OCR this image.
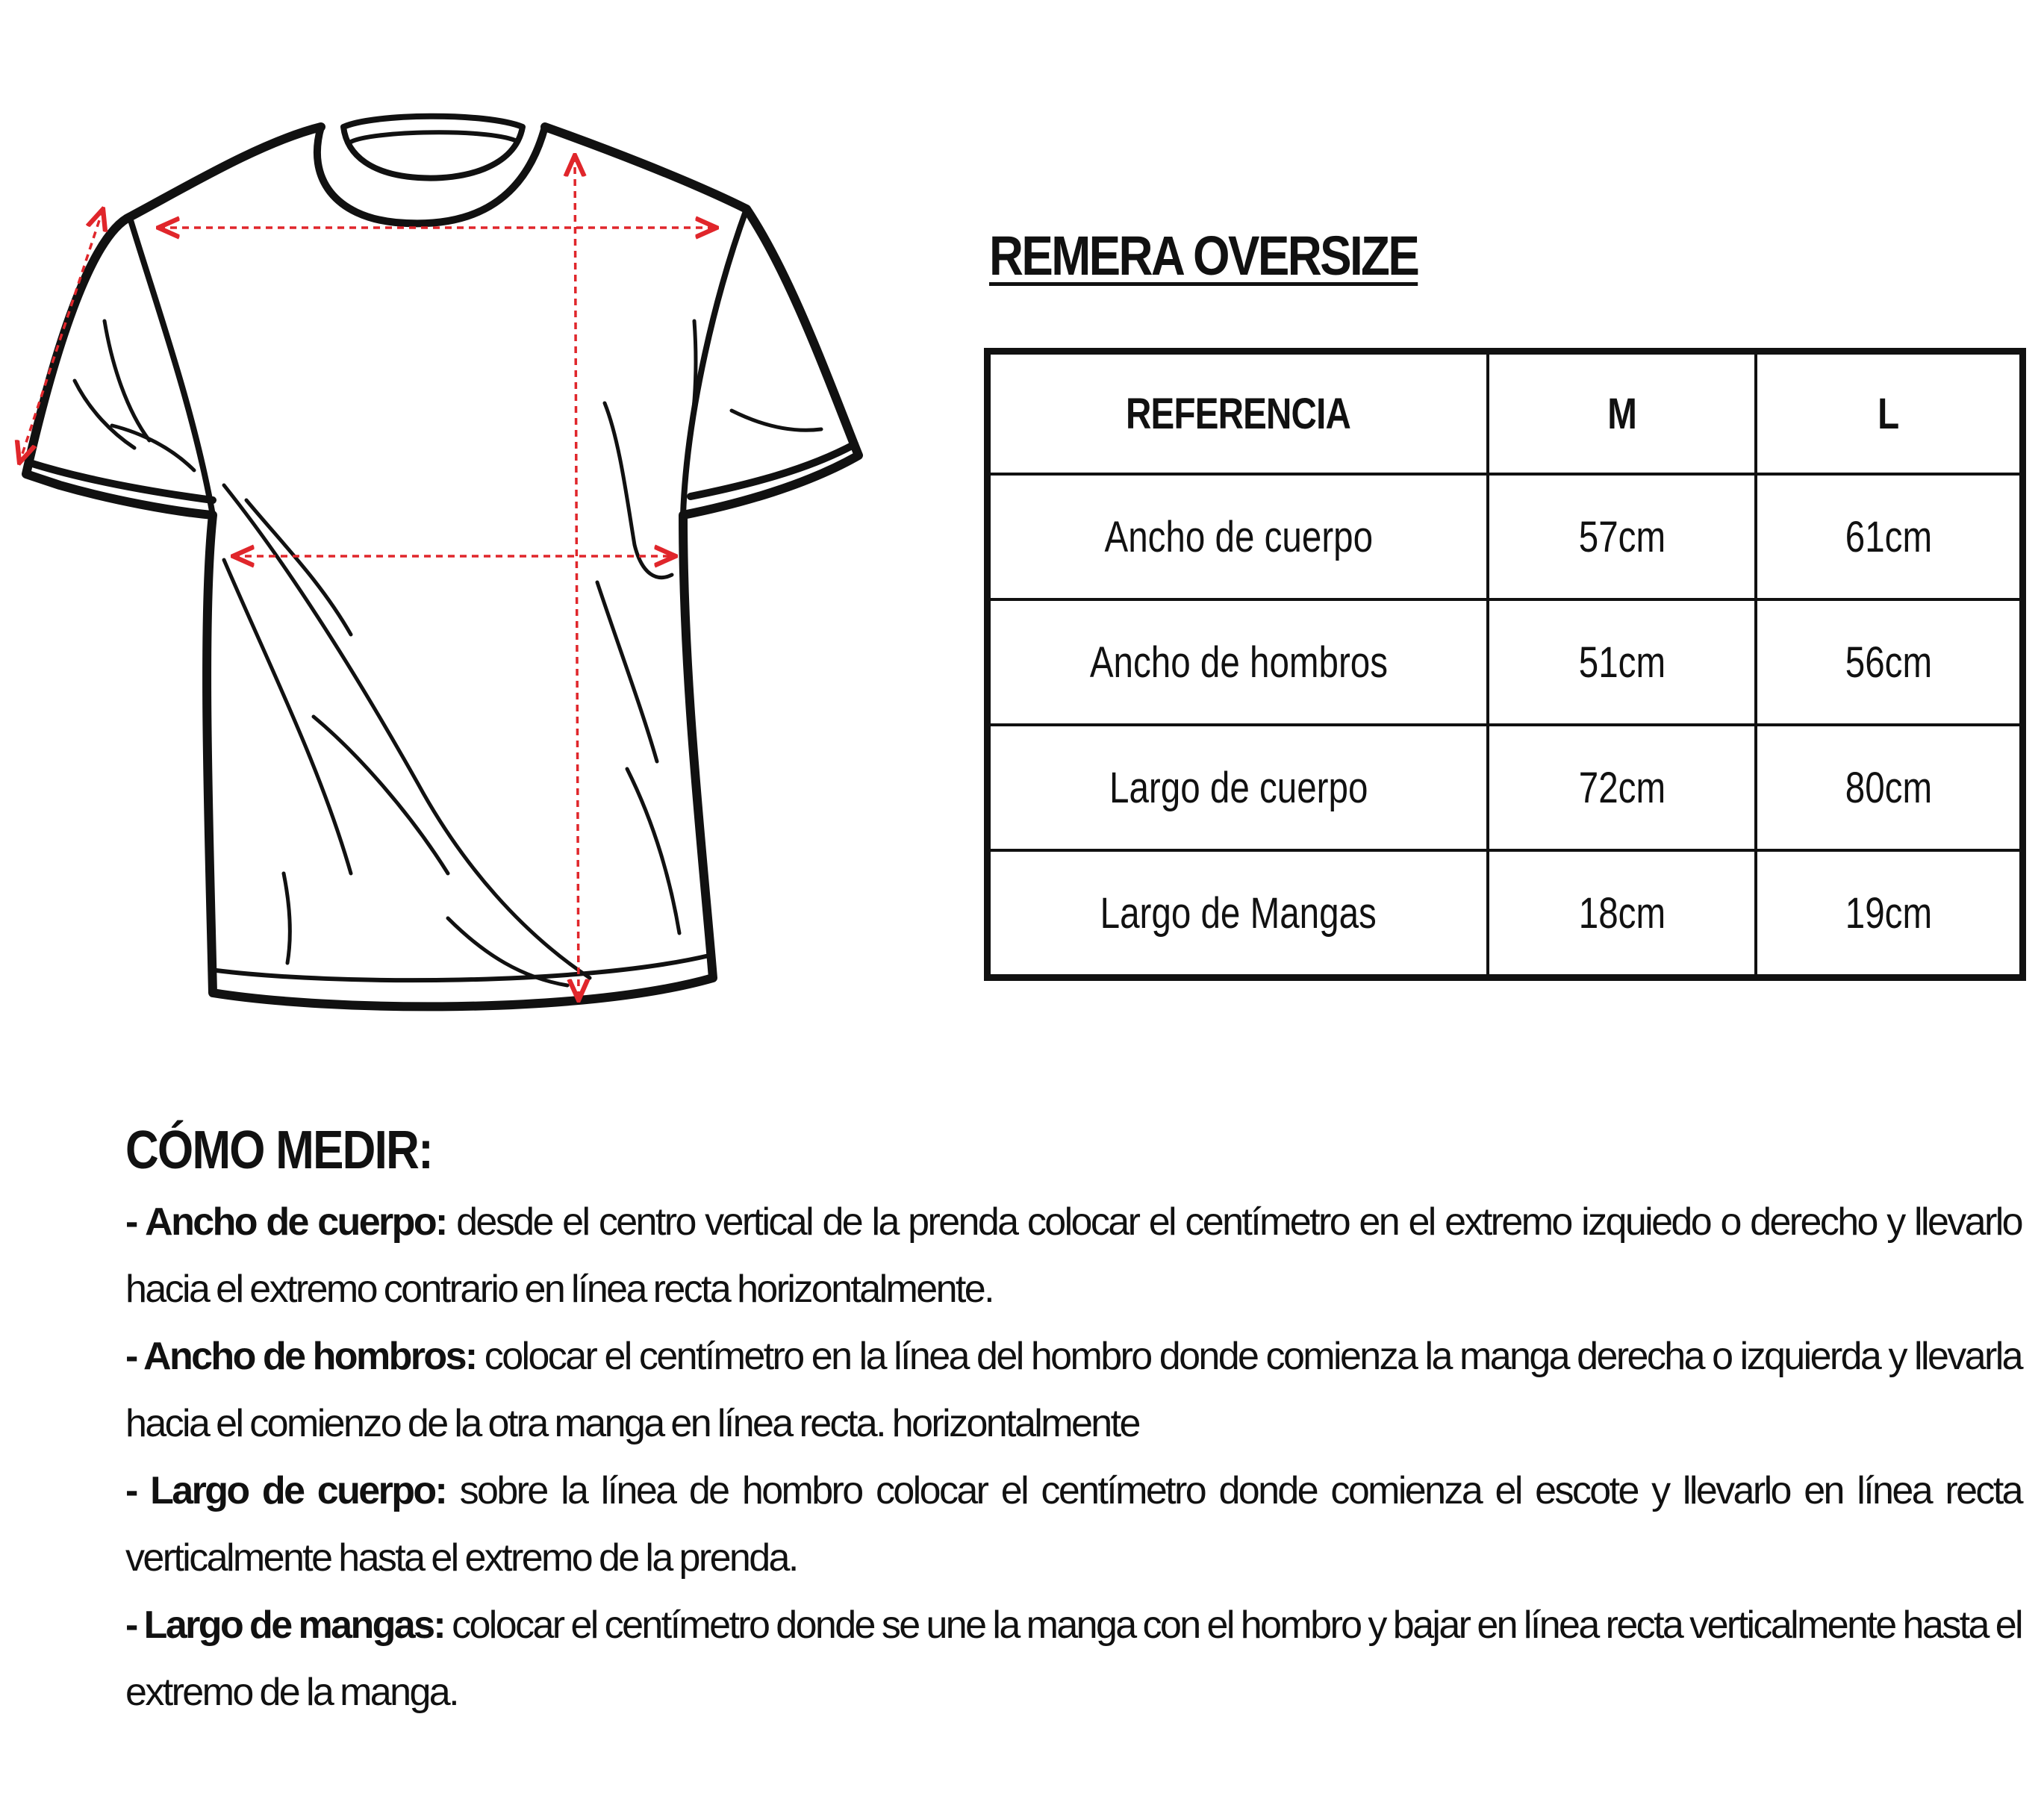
REMERA OVERSIZE
REFERENCIA	M	L
Ancho de cuerpo	57cm	61cm
Ancho de hombros	51cm	56cm
Largo de cuerpo	72cm	80cm
Largo de Mangas	18cm	19cm
CÓMO MEDIR:

- Ancho de cuerpo: desde el centro vertical de la prenda colocar el centímetro en el extremo izquiedo o derecho y llevarlo hacia el extremo contrario en línea recta horizontalmente.

- Ancho de hombros: colocar el centímetro en la línea del hombro donde comienza la manga derecha o izquierda y llevarla hacia el comienzo de la otra manga en línea recta. horizontalmente

- Largo de cuerpo: sobre la línea de hombro colocar el centímetro donde comienza el escote y llevarlo en línea recta verticalmente hasta el extremo de la prenda.

- Largo de mangas: colocar el centímetro donde se une la manga con el hombro y bajar en línea recta verticalmente hasta el extremo de la manga.
